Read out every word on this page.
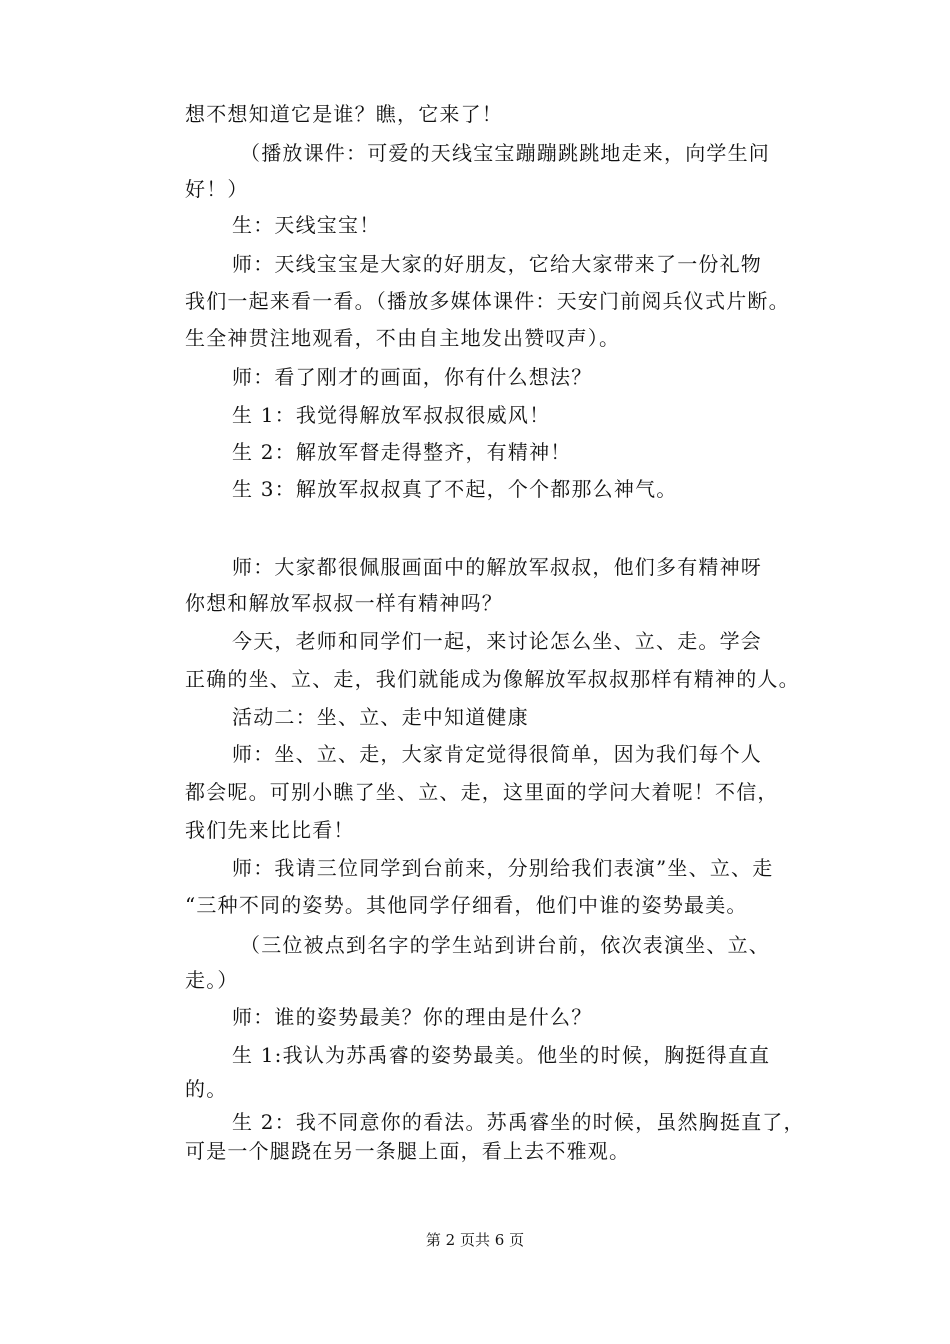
想不想知道它是谁？瞧，它来了！
（播放课件：可爱的天线宝宝蹦蹦跳跳地走来，向学生问
好！）
生：天线宝宝！
师：天线宝宝是大家的好朋友，它给大家带来了一份礼物
我们一起来看一看。（播放多媒体课件：天安门前阅兵仪式片断。
生全神贯注地观看，不由自主地发出赞叹声）。
师：看了刚才的画面，你有什么想法？
生 1：我觉得解放军叔叔很威风！
生 2：解放军督走得整齐，有精神！
生 3：解放军叔叔真了不起，个个都那么神气。
师：大家都很佩服画面中的解放军叔叔，他们多有精神呀
你想和解放军叔叔一样有精神吗？
今天，老师和同学们一起，来讨论怎么坐、立、走。学会
正确的坐、立、走，我们就能成为像解放军叔叔那样有精神的人。
活动二：坐、立、走中知道健康
师：坐、立、走，大家肯定觉得很简单，因为我们每个人
都会呢。可别小瞧了坐、立、走，这里面的学问大着呢！不信，
我们先来比比看！
师：我请三位同学到台前来，分别给我们表演”坐、立、走
“三种不同的姿势。其他同学仔细看，他们中谁的姿势最美。
（三位被点到名字的学生站到讲台前，依次表演坐、立、
走。）
师：谁的姿势最美？你的理由是什么？
生 1:我认为苏禹睿的姿势最美。他坐的时候，胸挺得直直
的。
生 2：我不同意你的看法。苏禹睿坐的时候，虽然胸挺直了，
可是一个腿跷在另一条腿上面，看上去不雅观。
第 2 页共 6 页
